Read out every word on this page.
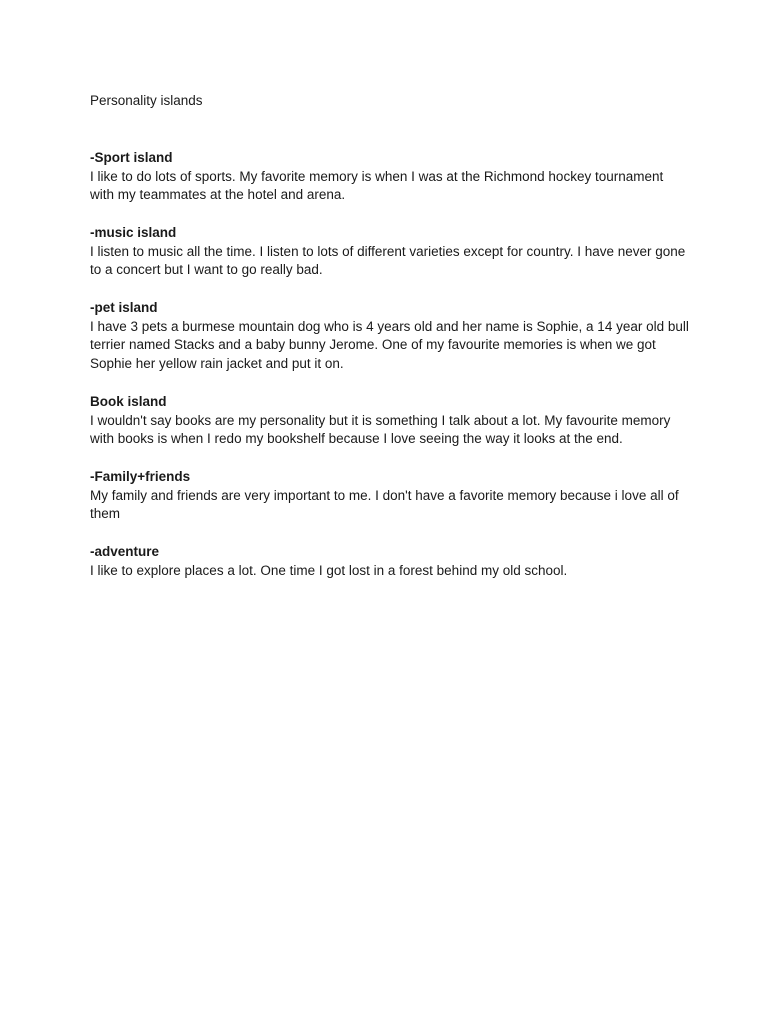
Personality islands

-Sport island

I like to do lots of sports. My favorite memory is when I was at the Richmond hockey tournament with my teammates at the hotel and arena.

-music island

I listen to music all the time. I listen to lots of different varieties except for country. I have never gone to a concert but I want to go really bad.

-pet island

I have 3 pets a burmese mountain dog who is 4 years old and her name is Sophie, a 14 year old bull terrier named Stacks and a baby bunny Jerome. One of my favourite memories is when we got Sophie her yellow rain jacket and put it on.

Book island

I wouldn't say books are my personality but it is something I talk about a lot. My favourite memory with books is when I redo my bookshelf because I love seeing the way it looks at the end.

-Family+friends

My family and friends are very important to me. I don't have a favorite memory because i love all of them

-adventure

I like to explore places a lot. One time I got lost in a forest behind my old school.
